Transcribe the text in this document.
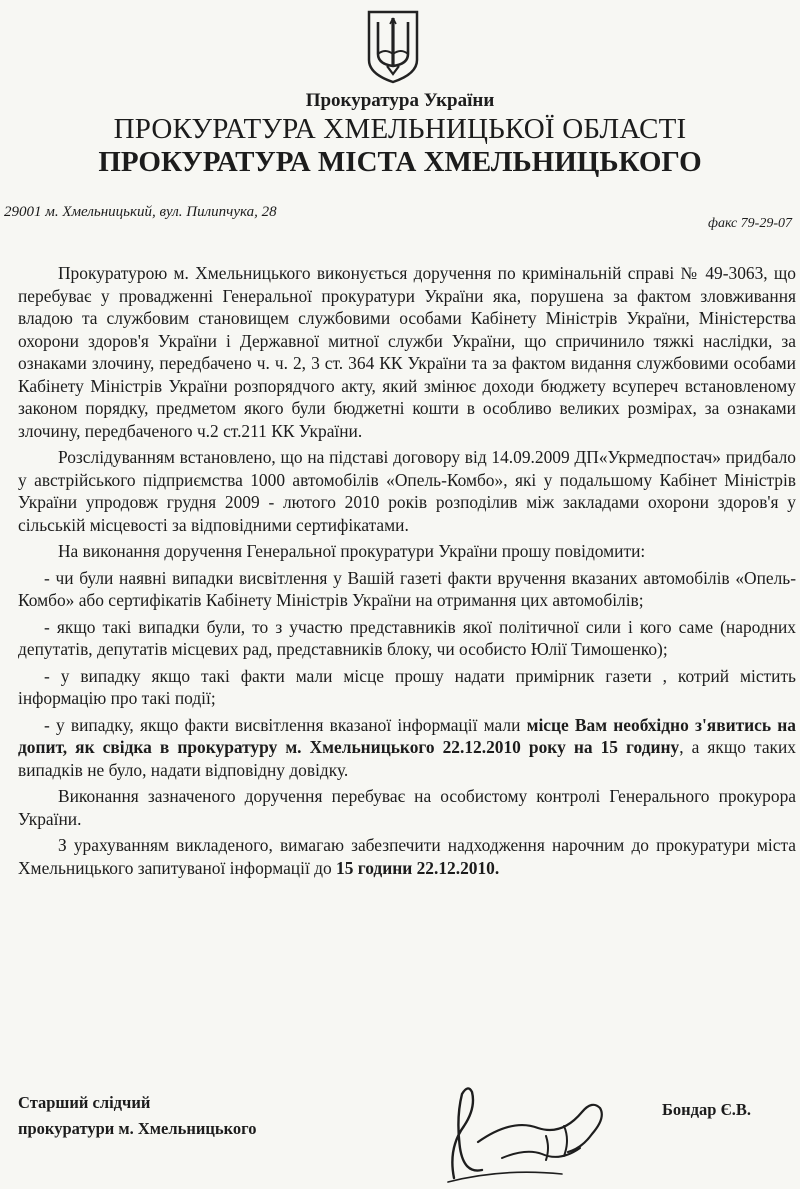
Прокуратура України
ПРОКУРАТУРА ХМЕЛЬНИЦЬКОЇ ОБЛАСТІ
ПРОКУРАТУРА МІСТА ХМЕЛЬНИЦЬКОГО
29001 м. Хмельницький, вул. Пилипчука, 28
факс 79-29-07

Прокуратурою м. Хмельницького виконується доручення по кримінальній справі № 49-3063, що перебуває у провадженні Генеральної прокуратури України яка, порушена за фактом зловживання владою та службовим становищем службовими особами Кабінету Міністрів України, Міністерства охорони здоров'я України і Державної митної служби України, що спричинило тяжкі наслідки, за ознаками злочину, передбачено ч. ч. 2, 3 ст. 364 КК України та за фактом видання службовими особами Кабінету Міністрів України розпорядчого акту, який змінює доходи бюджету всупереч встановленому законом порядку, предметом якого були бюджетні кошти в особливо великих розмірах, за ознаками злочину, передбаченого ч.2 ст.211 КК України.

Розслідуванням встановлено, що на підставі договору від 14.09.2009 ДП«Укрмедпостач» придбало у австрійського підприємства 1000 автомобілів «Опель-Комбо», які у подальшому Кабінет Міністрів України упродовж грудня 2009 - лютого 2010 років розподілив між закладами охорони здоров'я у сільській місцевості за відповідними сертифікатами.

На виконання доручення Генеральної прокуратури України прошу повідомити:

- чи були наявні випадки висвітлення у Вашій газеті факти вручення вказаних автомобілів «Опель-Комбо» або сертифікатів Кабінету Міністрів України на отримання цих автомобілів;

- якщо такі випадки були, то з участю представників якої політичної сили і кого саме (народних депутатів, депутатів місцевих рад, представників блоку, чи особисто Юлії Тимошенко);

- у випадку якщо такі факти мали місце прошу надати примірник газети , котрий містить інформацію про такі події;

- у випадку, якщо факти висвітлення вказаної інформації мали місце Вам необхідно з'явитись на допит, як свідка в прокуратуру м. Хмельницького 22.12.2010 року на 15 годину, а якщо таких випадків не було, надати відповідну довідку.

Виконання зазначеного доручення перебуває на особистому контролі Генерального прокурора України.

З урахуванням викладеного, вимагаю забезпечити надходження нарочним до прокуратури міста Хмельницького запитуваної інформації до 15 години 22.12.2010.

Старший слідчий
прокуратури м. Хмельницького
Бондар Є.В.
